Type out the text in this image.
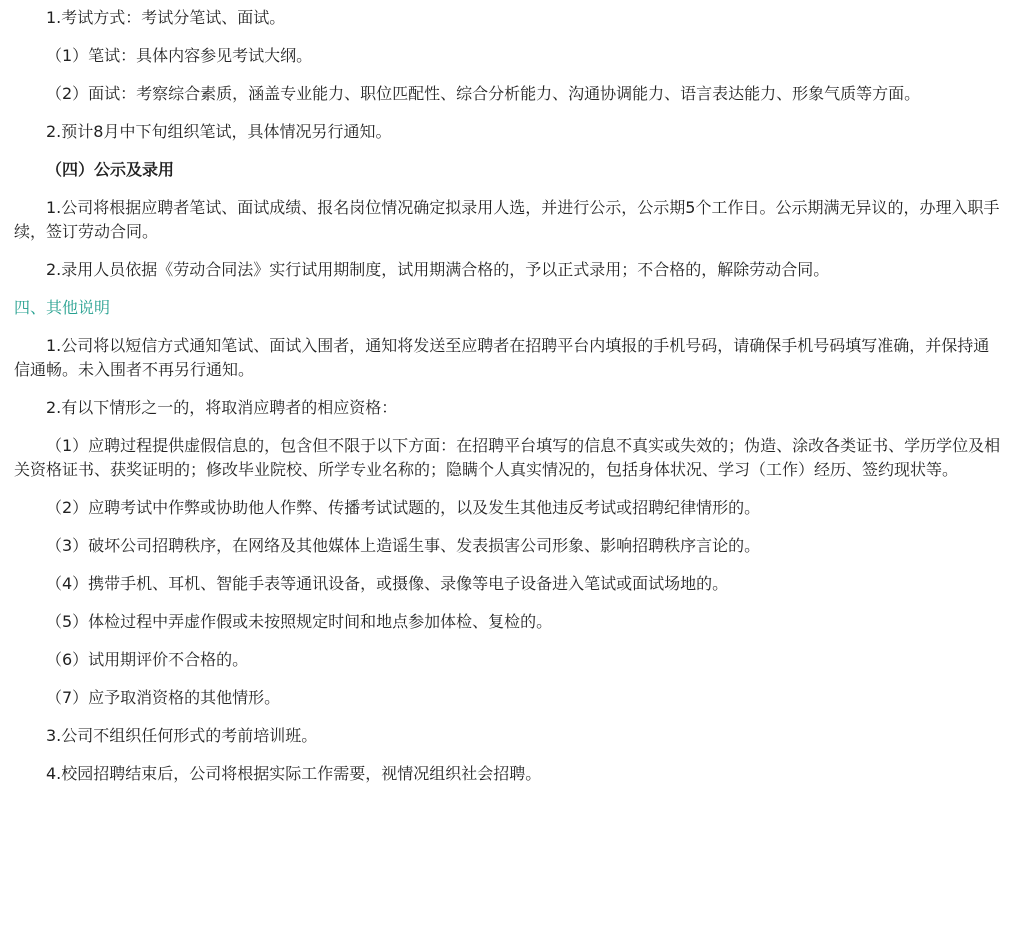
1.考试方式：考试分笔试、面试。

（1）笔试：具体内容参见考试大纲。

（2）面试：考察综合素质，涵盖专业能力、职位匹配性、综合分析能力、沟通协调能力、语言表达能力、形象气质等方面。

2.预计8月中下旬组织笔试，具体情况另行通知。

（四）公示及录用

1.公司将根据应聘者笔试、面试成绩、报名岗位情况确定拟录用人选，并进行公示，公示期5个工作日。公示期满无异议的，办理入职手续，签订劳动合同。

2.录用人员依据《劳动合同法》实行试用期制度，试用期满合格的，予以正式录用；不合格的，解除劳动合同。

四、其他说明

1.公司将以短信方式通知笔试、面试入围者，通知将发送至应聘者在招聘平台内填报的手机号码，请确保手机号码填写准确，并保持通信通畅。未入围者不再另行通知。

2.有以下情形之一的，将取消应聘者的相应资格：

（1）应聘过程提供虚假信息的，包含但不限于以下方面：在招聘平台填写的信息不真实或失效的；伪造、涂改各类证书、学历学位及相关资格证书、获奖证明的；修改毕业院校、所学专业名称的；隐瞒个人真实情况的，包括身体状况、学习（工作）经历、签约现状等。

（2）应聘考试中作弊或协助他人作弊、传播考试试题的，以及发生其他违反考试或招聘纪律情形的。

（3）破坏公司招聘秩序，在网络及其他媒体上造谣生事、发表损害公司形象、影响招聘秩序言论的。

（4）携带手机、耳机、智能手表等通讯设备，或摄像、录像等电子设备进入笔试或面试场地的。

（5）体检过程中弄虚作假或未按照规定时间和地点参加体检、复检的。

（6）试用期评价不合格的。

（7）应予取消资格的其他情形。

3.公司不组织任何形式的考前培训班。

4.校园招聘结束后，公司将根据实际工作需要，视情况组织社会招聘。
